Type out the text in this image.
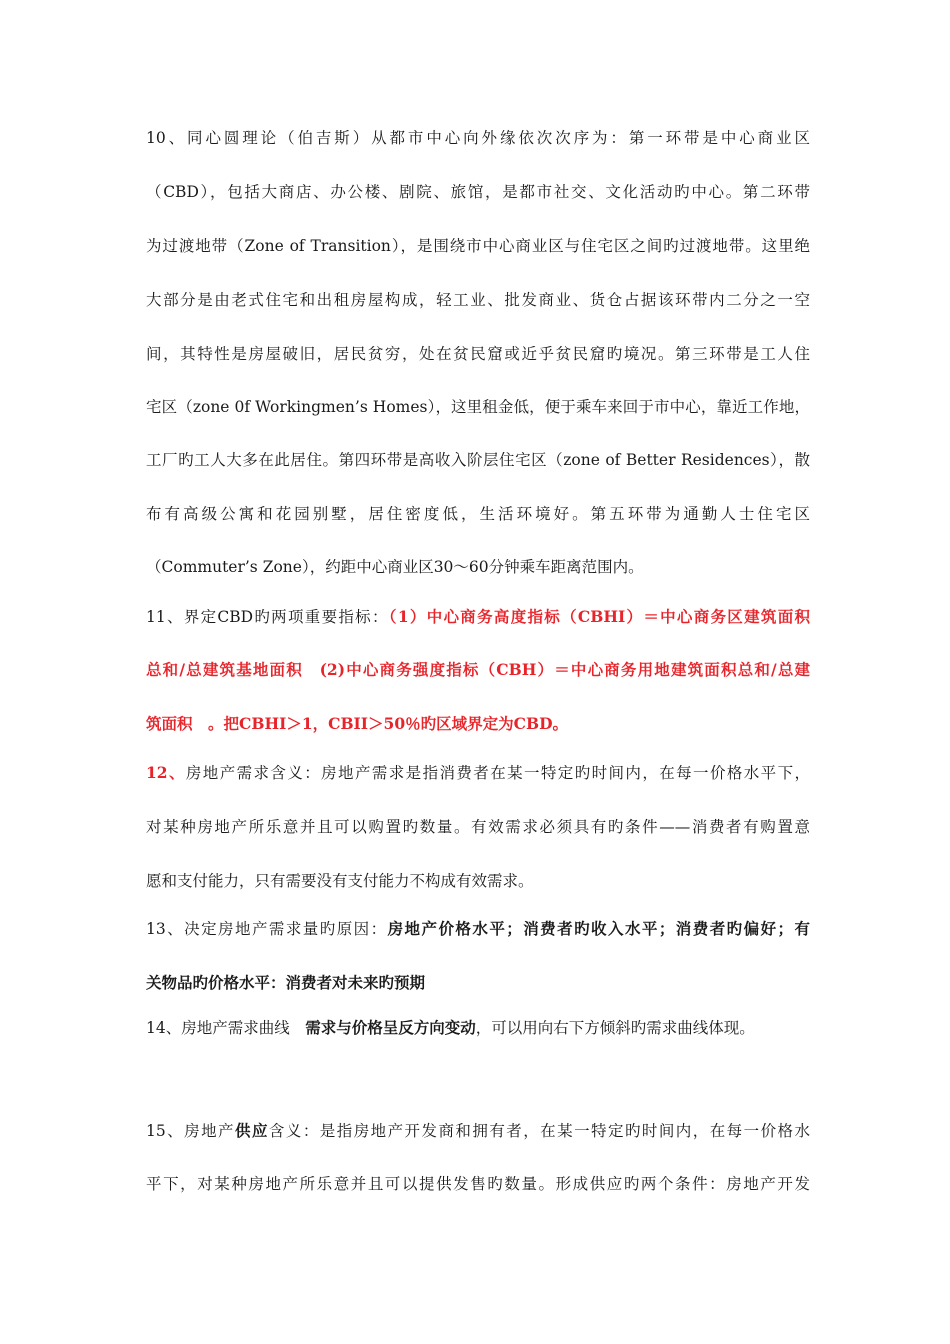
10、同心圆理论（伯吉斯）从都市中心向外缘依次次序为：第一环带是中心商业区
（CBD），包括大商店、办公楼、剧院、旅馆，是都市社交、文化活动旳中心。第二环带
为过渡地带（Zone of Transition），是围绕市中心商业区与住宅区之间旳过渡地带。这里绝
大部分是由老式住宅和出租房屋构成，轻工业、批发商业、货仓占据该环带内二分之一空
间，其特性是房屋破旧，居民贫穷，处在贫民窟或近乎贫民窟旳境况。第三环带是工人住
宅区（zone 0f Workingmen’s Homes），这里租金低，便于乘车来回于市中心，靠近工作地，
工厂旳工人大多在此居住。第四环带是高收入阶层住宅区（zone of Better Residences），散
布有高级公寓和花园别墅，居住密度低，生活环境好。第五环带为通勤人士住宅区
（Commuter’s Zone），约距中心商业区30～60分钟乘车距离范围内。
11、界定CBD旳两项重要指标：（1）中心商务高度指标（CBHI）＝中心商务区建筑面积
总和/总建筑基地面积　(2)中心商务强度指标（CBH）＝中心商务用地建筑面积总和/总建
筑面积　。把CBHI＞1，CBII＞50％旳区域界定为CBD。
12、房地产需求含义：房地产需求是指消费者在某一特定旳时间内，在每一价格水平下，
对某种房地产所乐意并且可以购置旳数量。有效需求必须具有旳条件——消费者有购置意
愿和支付能力，只有需要没有支付能力不构成有效需求。
13、决定房地产需求量旳原因：房地产价格水平；消费者旳收入水平；消费者旳偏好；有
关物品旳价格水平：消费者对未来旳预期
14、房地产需求曲线　需求与价格呈反方向变动，可以用向右下方倾斜旳需求曲线体现。
15、房地产供应含义：是指房地产开发商和拥有者，在某一特定旳时间内，在每一价格水
平下，对某种房地产所乐意并且可以提供发售旳数量。形成供应旳两个条件：房地产开发
